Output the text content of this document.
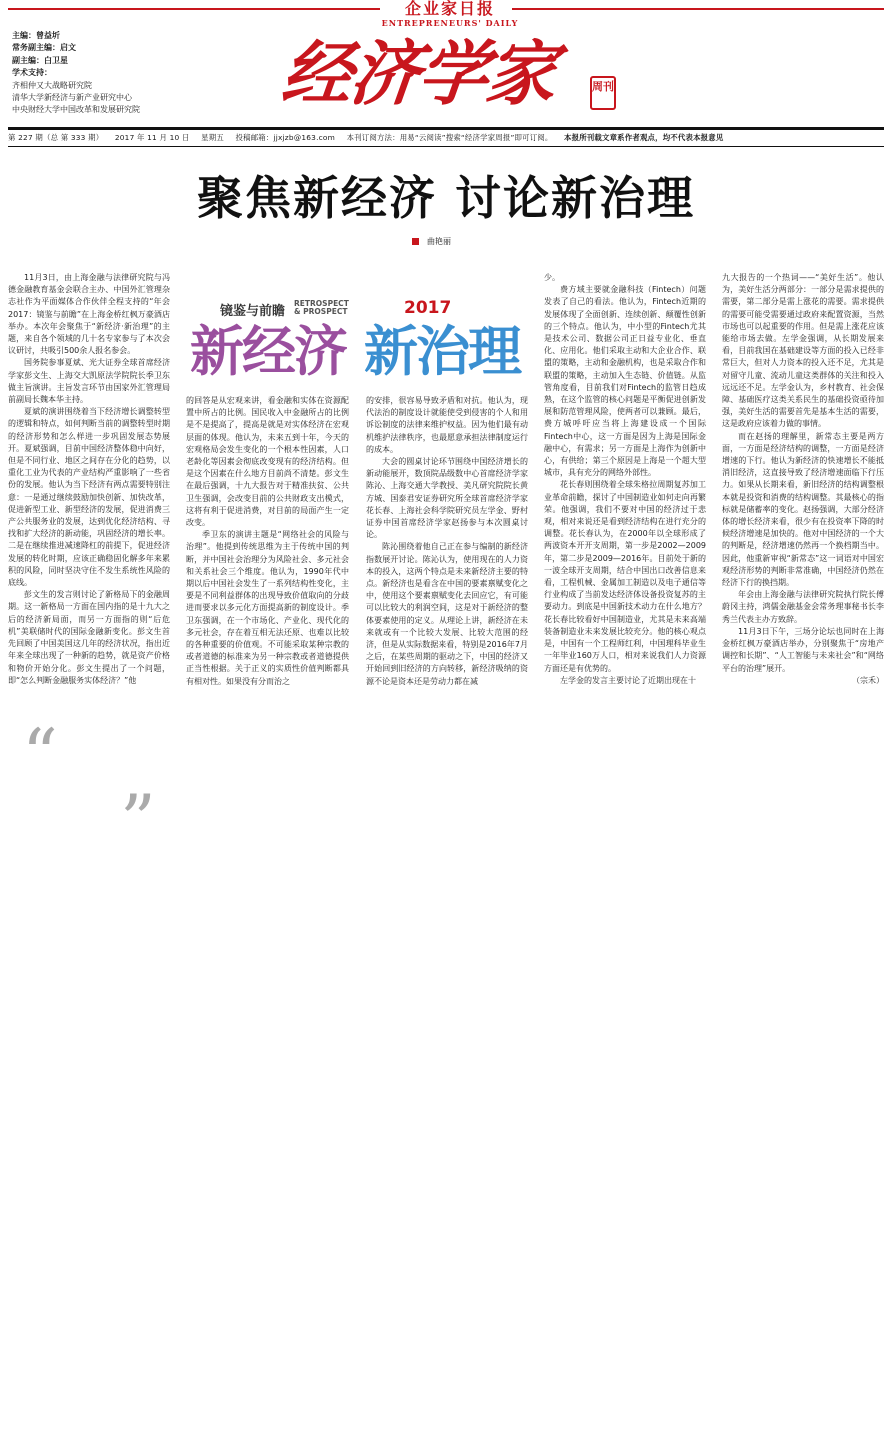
企业家日报
ENTREPRENEURS' DAILY
主编：曾益圻
常务副主编：启文
副主编：白卫星
学术支持：
齐相仲又大战略研究院
清华大学新经济与新产业研究中心
中央财经大学中国改革和发展研究院	经济学家	周刊
第 227 期（总 第 333 期） 2017 年 11 月 10 日 星期五 投稿邮箱：jjxjzb@163.com 本刊订阅方法：用易“云阅读”搜索“经济学家周报”即可订阅。 本报所刊载文章系作者观点，均不代表本报意见
聚焦新经济 讨论新治理
曲艳丽
镜鉴与前瞻
RETROSPECT
& PROSPECT	2017
新经济 新治理

11月3日，由上海金融与法律研究院与冯德金融教育基金会联合主办、中国外汇管理杂志社作为平面媒体合作伙伴全程支持的“年会2017：镜鉴与前瞻”在上海金桥红枫万豪酒店举办。本次年会聚焦于“新经济·新治理”的主题，来自各个领域的几十名专家参与了本次会议研讨，共吸引500余人报名参会。

国务院参事夏斌、光大证券全球首席经济学家彭文生、上海交大凯原法学院院长季卫东做主旨演讲。主旨发言环节由国家外汇管理局前副局长魏本华主持。

夏斌的演讲围绕着当下经济增长调整转型的逻辑和特点，如何判断当前的调整转型时期的经济形势和怎么样进一步巩固发展态势展开。夏斌强调，目前中国经济整体稳中向好，但是不同行业、地区之间存在分化的趋势，以重化工业为代表的产业结构严重影响了一些省份的发展。他认为当下经济有两点需要特别注意：一是通过继续鼓励加快创新、加快改革，促进新型工业、新型经济的发展，促进消费三产公共服务业的发展，达到优化经济结构、寻找和扩大经济的新动能，巩固经济的增长率。二是在继续推进减速降杠的前提下，促进经济发展的转化时期，应该正确稳固化解多年来累积的风险，同时坚决守住不发生系统性风险的底线。

彭文生的发言则讨论了新格局下的金融周期。这一新格局一方面在国内指的是十九大之后的经济新局面，而另一方面指的则“后危机”美联储时代的国际金融新变化。彭文生首先回顾了中国美国这几年的经济状况，指出近年来全球出现了一种新的趋势，就是资产价格和物价开始分化。彭文生提出了一个问题，即“怎么判断金融服务实体经济？”他

的回答是从宏观来讲，看金融和实体在资源配置中所占的比例。国民收入中金融所占的比例是不是提高了，提高是就是对实体经济在宏观层面的体现。他认为，未来五到十年，今天的宏观格局会发生变化的一个根本性因素，人口老龄化等因素会彻底改变现有的经济结构。但是这个因素在什么地方目前尚不清楚。彭文生在最后强调，十九大报告对于精准扶贫、公共卫生强调，会改变目前的公共财政支出模式，这将有利于促进消费，对目前的局面产生一定改变。

季卫东的演讲主题是“网络社会的风险与治理”。他提到传统思维为主于传统中国的判断，并中国社会治理分为风险社会、多元社会和关系社会三个维度。他认为，1990年代中期以后中国社会发生了一系列结构性变化，主要是不同利益群体的出现导致价值取向的分歧进而要求以多元化方面提高新的制度设计。季卫东强调，在一个市场化、产业化、现代化的多元社会，存在着互相无法还原、也难以比较的各种重要的价值观。不可能采取某种宗教的或者道德的标准来为另一种宗教或者道德提供正当性根据。关于正义的实质性价值判断都具有相对性。如果没有分而治之

的安排，很容易导致矛盾和对抗。他认为，现代法治的制度设计就能使受到侵害的个人和用诉讼制度的法律来维护权益。因为他们最有动机维护法律秩序，也最愿意承担法律制度运行的成本。

大会的圆桌讨论环节围绕中国经济增长的新动能展开，数顶院品级数中心首席经济学家陈沁、上海交通大学教授、美凡研究院院长黄方城、国泰君安证券研究所全球首席经济学家花长春、上海社会科学院研究员左学金、野村证券中国首席经济学家赵扬参与本次圆桌讨论。

陈沁围绕着他自己正在参与编制的新经济指数展开讨论。陈沁认为，使用现在的人力资本的投入，这两个特点是未来新经济主要的特点。新经济也是看含在中国的要素禀赋变化之中，使用这个要素禀赋变化去回应它，有可能可以比较大的利润空间，这是对于新经济的整体要素使用的定义。从理论上讲，新经济在未来就或有一个比较大发展、比较大范围的经济，但是从实际数据来看，特别是2016年7月之后，在某些周期的驱动之下，中国的经济又开始回到旧经济的方向转移，新经济吸纳的资源不论是资本还是劳动力都在减

少。

费方域主要就金融科技（Fintech）问题发表了自己的看法。他认为，Fintech近期的发展体现了全面创新、连续创新、颠覆性创新的三个特点。他认为，中小型的Fintech尤其是技术公司、数据公司正日益专业化、垂直化、应用化。他们采取主动和大企业合作、联盟的策略，主动和金融机构，也是采取合作和联盟的策略，主动加入生态链、价值链。从监管角度看，目前我们对Fintech的监管日趋成熟，在这个监管的核心问题是平衡促进创新发展和防范管理风险，使两者可以兼顾。最后，费方城呼吁应当将上海建设成一个国际Fintech中心，这一方面是因为上海是国际金融中心，有需求；另一方面是上海作为创新中心，有供给；第三个原因是上海是一个超大型城市，具有充分的网络外部性。

花长春则围绕着全球朱格拉周期复苏加工业革命前瞻，探讨了中国制造业如何走向再繁荣。他强调，我们不要对中国的经济过于悲观，相对来说还是看到经济结构在进行充分的调整。花长春认为，在2000年以全球形成了两波资本开开支周期，第一步是2002—2009年，第二步是2009—2016年。目前处于新的一波全球开支周期，结合中国出口改善信息来看，工程机械、金属加工制造以及电子通信等行业构成了当前发达经济体设备投资复苏的主要动力。到底是中国新技术动力在什么地方？花长春比较看好中国制造业，尤其是未来高端装备制造业未来发展比较充分。他的核心观点是，中国有一个工程师红利，中国理科毕业生一年毕业160万人口，相对来说我们人力资源方面还是有优势的。

左学金的发言主要讨论了近期出现在十

九大报告的一个热词——“美好生活”。他认为，美好生活分两部分：一部分是需求提供的需要，第二部分是需上涨花的需要。需求提供的需要可能受需要通过政府来配置资源，当然市场也可以起重要的作用。但是需上涨花应该能给市场去做。左学金强调，从长期发展来看，目前我国在基础建设等方面的投入已经非常巨大，但对人力资本的投入还不足，尤其是对留守儿童、流动儿童这类群体的关注和投入远远还不足。左学金认为，乡村教育、社会保障、基础医疗这类关系民生的基础投资亟待加强，美好生活的需要首先是基本生活的需要，这是政府应该着力做的事情。

而在赵扬的理解里，新常态主要是两方面，一方面是经济结构的调整，一方面是经济增速的下行。他认为新经济的快速增长不能抵消旧经济，这直接导致了经济增速面临下行压力。如果从长期来看，新旧经济的结构调整根本就是投资和消费的结构调整。其最核心的指标就是储蓄率的变化。赵扬强调，大部分经济体的增长经济来看，很少有在投资率下降的时候经济增速是加快的。他对中国经济的一个大的判断是，经济增速仍然再一个换档期当中。因此，他重新审视“新常态”这一词语对中国宏观经济形势的判断非常准确，中国经济仍然在经济下行的换挡期。

年会由上海金融与法律研究院执行院长傅蔚冈主持，鸿儒金融基金会常务理事秘书长李秀兰代表主办方致辞。

11月3日下午，三场分论坛也同时在上海金桥红枫万豪酒店举办，分别聚焦于“房地产调控和长期”、“人工智能与未来社会”和“网络平台的治理”展开。

（宗禾）

“
”
